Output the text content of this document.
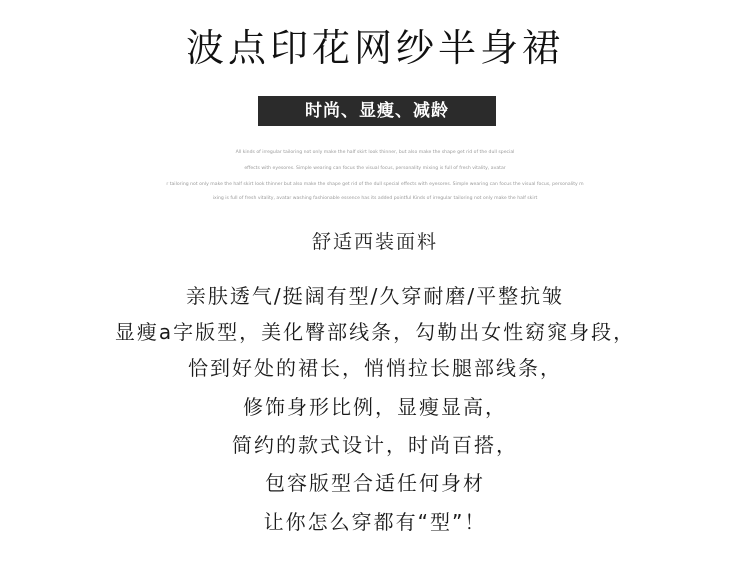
波点印花网纱半身裙
时尚、显瘦、减龄
All kinds of irregular tailoring not only make the half skirt look thinner, but also make the shape get rid of the dull special
effects with eyesores. Simple wearing can focus the visual focus, personality mixing is full of fresh vitality, avatar
r tailoring not only make the half skirt look thinner but also make the shape get rid of the dull special effects with eyesores. Simple wearing can focus the visual focus, personality m
ixing is full of fresh vitality, avatar washing fashionable essence has its added pointful Kinds of irregular tailoring not only make the half skirt
舒适西装面料
亲肤透气/挺阔有型/久穿耐磨/平整抗皱
显瘦a字版型，美化臀部线条，勾勒出女性窈窕身段，
恰到好处的裙长，悄悄拉长腿部线条，
修饰身形比例，显瘦显高，
简约的款式设计，时尚百搭，
包容版型合适任何身材
让你怎么穿都有“型”！
